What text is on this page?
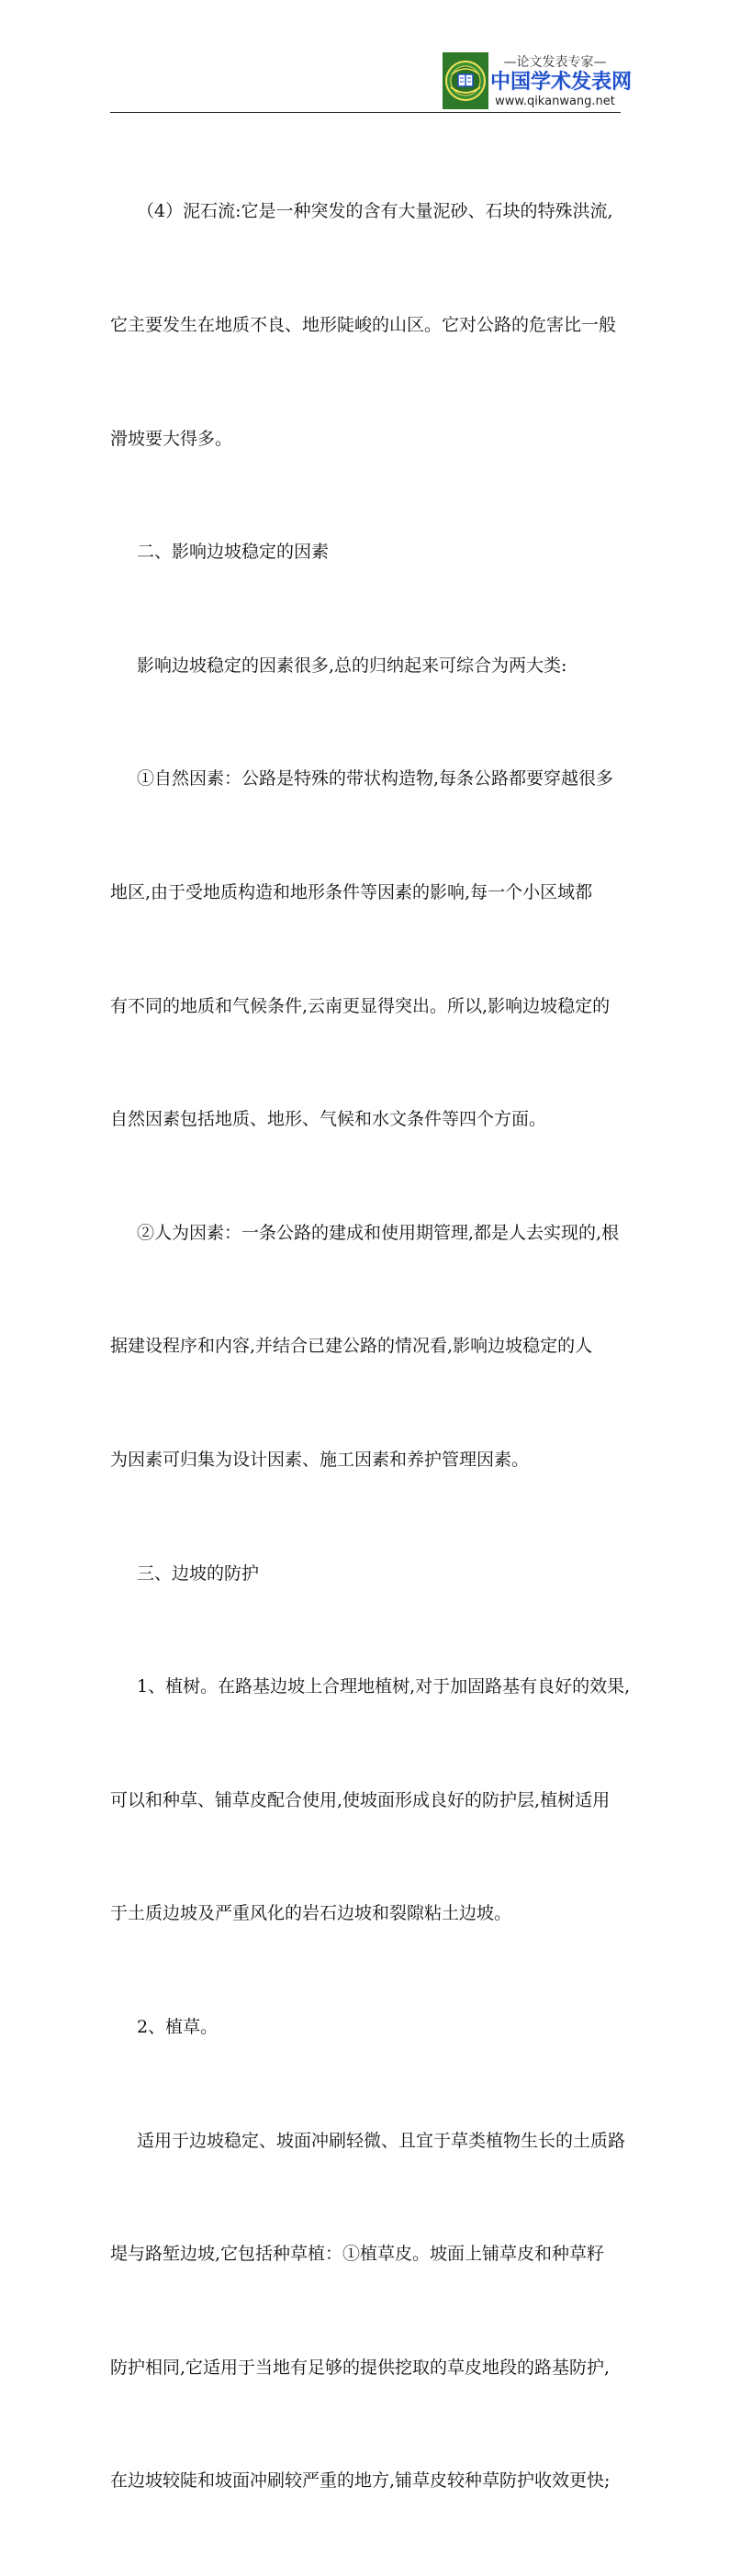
—论文发表专家—
中国学术发表网
www.qikanwang.net

（4）泥石流:它是一种突发的含有大量泥砂、石块的特殊洪流,

它主要发生在地质不良、地形陡峻的山区。它对公路的危害比一般

滑坡要大得多。

二、影响边坡稳定的因素

影响边坡稳定的因素很多,总的归纳起来可综合为两大类:

①自然因素：公路是特殊的带状构造物,每条公路都要穿越很多

地区,由于受地质构造和地形条件等因素的影响,每一个小区域都

有不同的地质和气候条件,云南更显得突出。所以,影响边坡稳定的

自然因素包括地质、地形、气候和水文条件等四个方面。

②人为因素：一条公路的建成和使用期管理,都是人去实现的,根

据建设程序和内容,并结合已建公路的情况看,影响边坡稳定的人

为因素可归集为设计因素、施工因素和养护管理因素。

三、边坡的防护

1、植树。在路基边坡上合理地植树,对于加固路基有良好的效果,

可以和种草、铺草皮配合使用,使坡面形成良好的防护层,植树适用

于土质边坡及严重风化的岩石边坡和裂隙粘土边坡。

2、植草。

适用于边坡稳定、坡面冲刷轻微、且宜于草类植物生长的土质路

堤与路堑边坡,它包括种草植：①植草皮。坡面上铺草皮和种草籽

防护相同,它适用于当地有足够的提供挖取的草皮地段的路基防护,

在边坡较陡和坡面冲刷较严重的地方,铺草皮较种草防护收效更快;
